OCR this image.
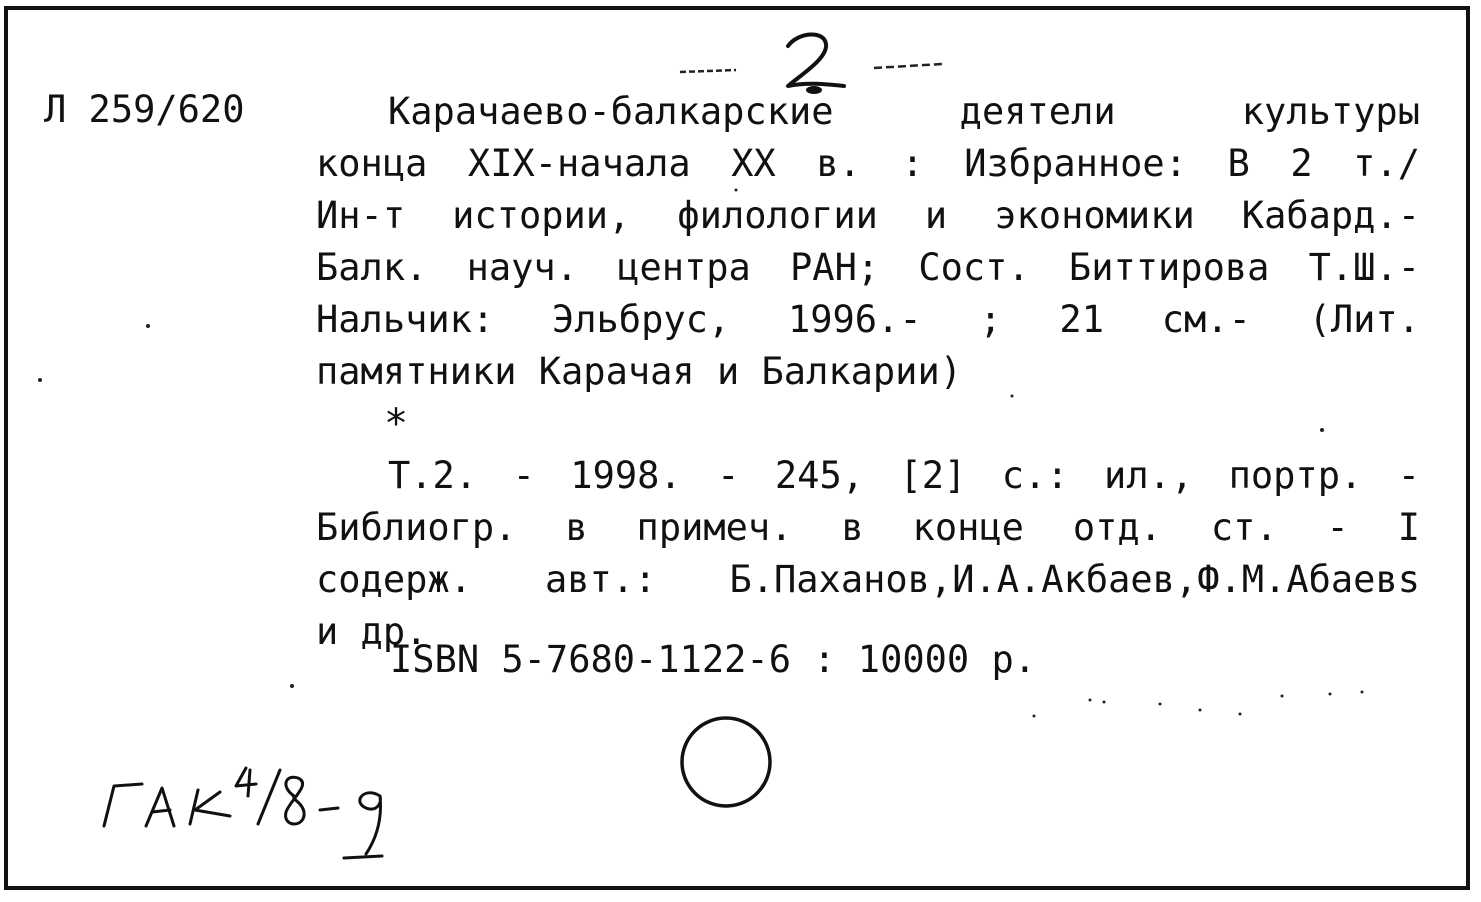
Л 259/620	Карачаево-балкарские деятели культуры
конца XIX-начала XX в. : Избранное: В 2 т./
Ин-т истории, филологии и экономики Кабард.-
Балк. науч. центра РАН; Сост. Биттирова Т.Ш.-
Нальчик: Эльбрус, 1996.- ; 21 см.- (Лит.
памятники Карачая и Балкарии)
*
Т.2. - 1998. - 245, [2] с.: ил., портр. -
Библиогр. в примеч. в конце отд. ст. - I
содерж. авт.: Б.Паханов,И.А.Акбаев,Ф.М.Абаевs
и др.
ISBN 5-7680-1122-6 : 10000 р.
